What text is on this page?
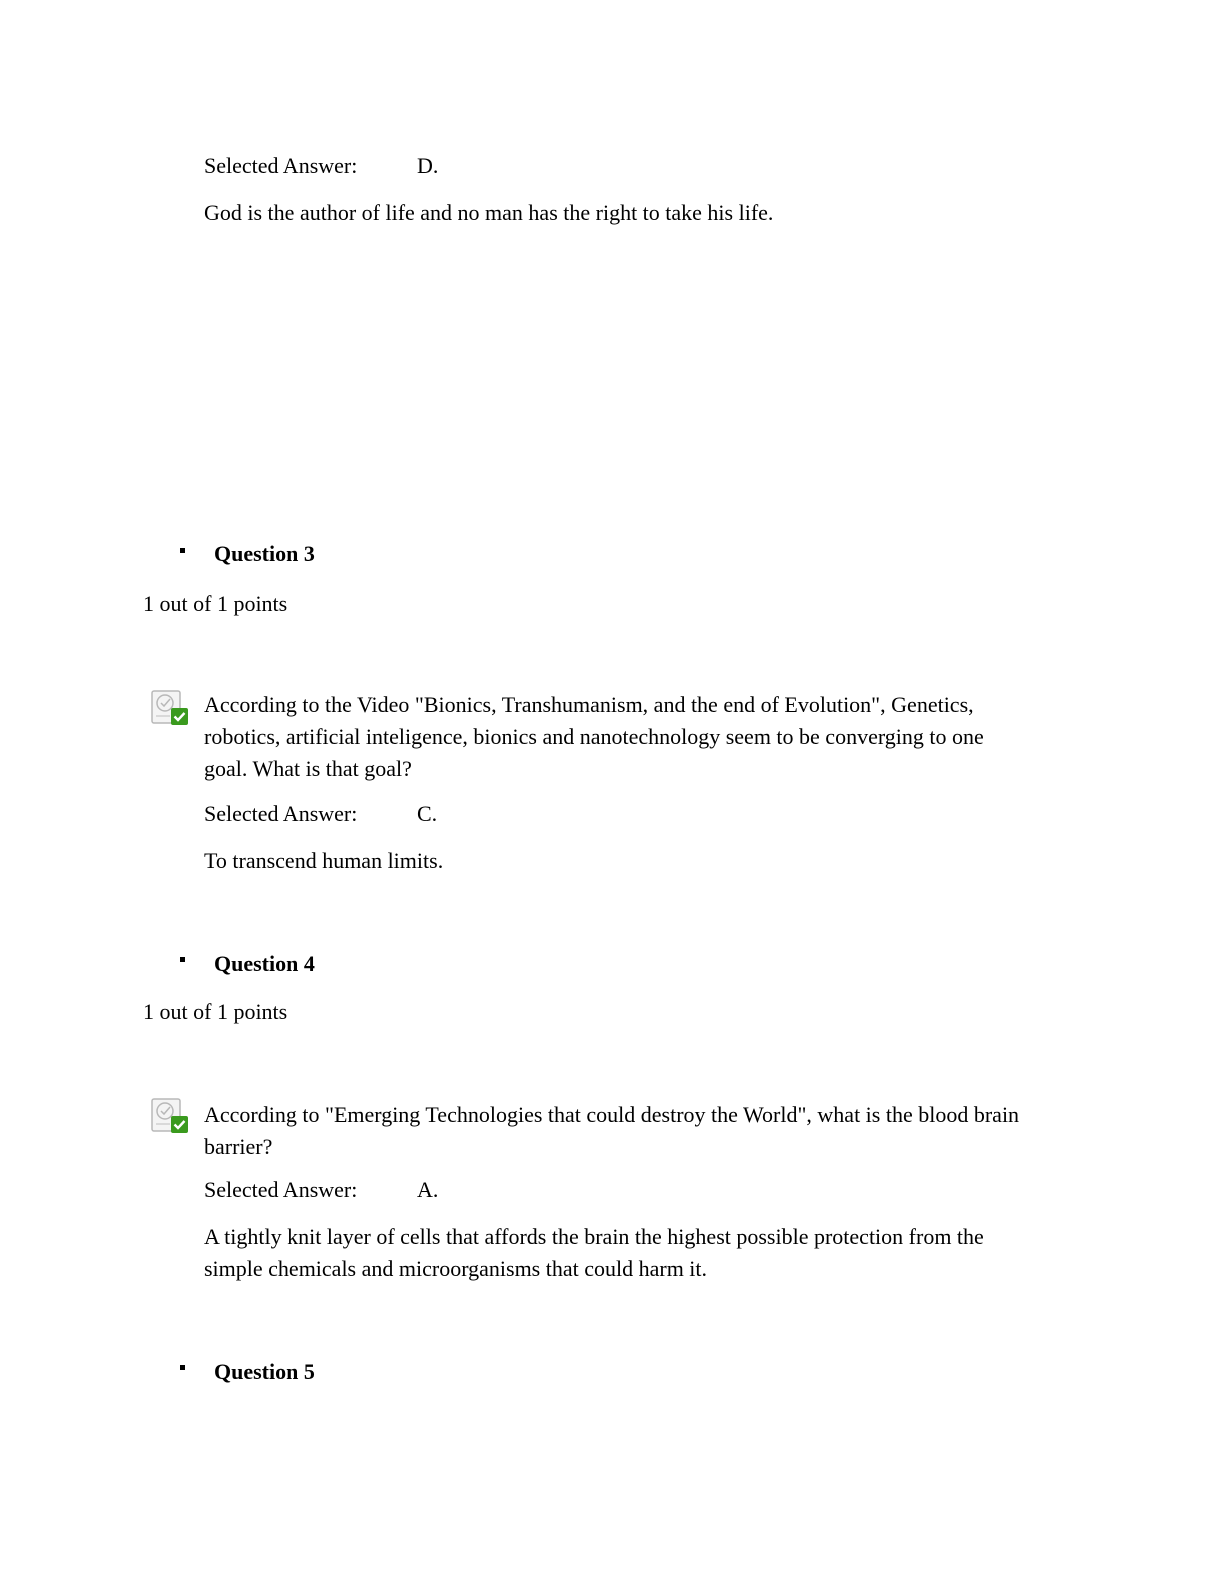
Selected Answer:	D.
God is the author of life and no man has the right to take his life.
Question 3
1 out of 1 points
According to the Video "Bionics, Transhumanism, and the end of Evolution", Genetics, robotics, artificial inteligence, bionics and nanotechnology seem to be converging to one goal. What is that goal?
Selected Answer:	C.
To transcend human limits.
Question 4
1 out of 1 points
According to "Emerging Technologies that could destroy the World", what is the blood brain barrier?
Selected Answer:	A.
A tightly knit layer of cells that affords the brain the highest possible protection from the simple chemicals and microorganisms that could harm it.
Question 5
